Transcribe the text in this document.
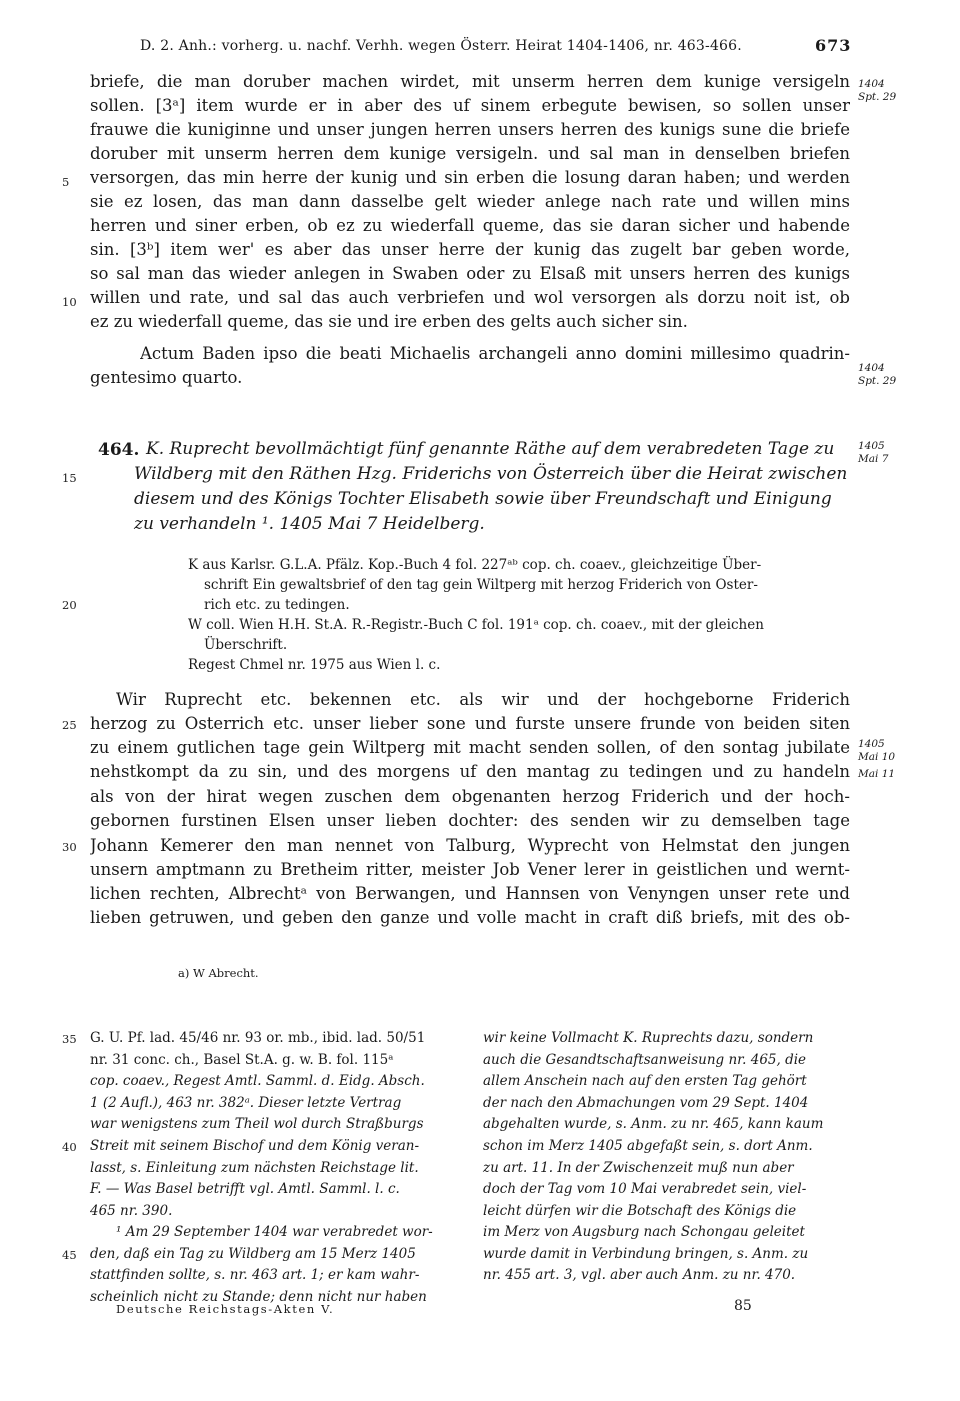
D. 2. Anh.: vorherg. u. nachf. Verhh. wegen Österr. Heirat 1404-1406, nr. 463-466.	673
1404
Spt. 29
briefe, die man doruber machen wirdet, mit unserm herren dem kunige versigeln
sollen. [3ᵃ] item wurde er in aber des uf sinem erbegute bewisen, so sollen unser
frauwe die kuniginne und unser jungen herren unsers herren des kunigs sune die briefe
doruber mit unserm herren dem kunige versigeln. und sal man in denselben briefen
versorgen, das min herre der kunig und sin erben die losung daran haben; und werden
sie ez losen, das man dann dasselbe gelt wieder anlege nach rate und willen mins
herren und siner erben, ob ez zu wiederfall queme, das sie daran sicher und habende
sin. [3ᵇ] item wer' es aber das unser herre der kunig das zugelt bar geben worde,
so sal man das wieder anlegen in Swaben oder zu Elsaß mit unsers herren des kunigs
willen und rate, und sal das auch verbriefen und wol versorgen als dorzu noit ist, ob
ez zu wiederfall queme, das sie und ire erben des gelts auch sicher sin.
5
10
Actum Baden ipso die beati Michaelis archangeli anno domini millesimo quadrin-
gentesimo quarto.	1404
Spt. 29
464. K. Ruprecht bevollmächtigt fünf genannte Räthe auf dem verabredeten Tage zu
Wildberg mit den Räthen Hzg. Friderichs von Österreich über die Heirat zwischen
diesem und des Königs Tochter Elisabeth sowie über Freundschaft und Einigung
zu verhandeln ¹. 1405 Mai 7 Heidelberg.
1405
Mai 7
15
K aus Karlsr. G.L.A. Pfälz. Kop.-Buch 4 fol. 227ᵃᵇ cop. ch. coaev., gleichzeitige Über-
schrift Ein gewaltsbrief of den tag gein Wiltperg mit herzog Friderich von Oster-
rich etc. zu tedingen.
W coll. Wien H.H. St.A. R.-Registr.-Buch C fol. 191ᵃ cop. ch. coaev., mit der gleichen
Überschrift.
Regest Chmel nr. 1975 aus Wien l. c.
20
Wir Ruprecht etc. bekennen etc. als wir und der hochgeborne Friderich
herzog zu Osterrich etc. unser lieber sone und furste unsere frunde von beiden siten
zu einem gutlichen tage gein Wiltperg mit macht senden sollen, of den sontag jubilate
nehstkompt da zu sin, und des morgens uf den mantag zu tedingen und zu handeln
als von der hirat wegen zuschen dem obgenanten herzog Friderich und der hoch-
gebornen furstinen Elsen unser lieben dochter: des senden wir zu demselben tage
Johann Kemerer den man nennet von Talburg, Wyprecht von Helmstat den jungen
unsern amptmann zu Bretheim ritter, meister Job Vener lerer in geistlichen und wernt-
lichen rechten, Albrechtᵃ von Berwangen, und Hannsen von Venyngen unser rete und
lieben getruwen, und geben den ganze und volle macht in craft diß briefs, mit des ob-
25
30
1405
Mai 10
Mai 11
a) W Abrecht.
G. U. Pf. lad. 45/46 nr. 93 or. mb., ibid. lad. 50/51
nr. 31 conc. ch., Basel St.A. g. w. B. fol. 115ᵃ
cop. coaev., Regest Amtl. Samml. d. Eidg. Absch.
1 (2 Aufl.), 463 nr. 382ᵃ. Dieser letzte Vertrag
war wenigstens zum Theil wol durch Straßburgs
Streit mit seinem Bischof und dem König veran-
lasst, s. Einleitung zum nächsten Reichstage lit.
F. — Was Basel betrifft vgl. Amtl. Samml. l. c.
465 nr. 390.
¹ Am 29 September 1404 war verabredet wor-
den, daß ein Tag zu Wildberg am 15 Merz 1405
stattfinden sollte, s. nr. 463 art. 1; er kam wahr-
scheinlich nicht zu Stande; denn nicht nur haben
wir keine Vollmacht K. Ruprechts dazu, sondern
auch die Gesandtschaftsanweisung nr. 465, die
allem Anschein nach auf den ersten Tag gehört
der nach den Abmachungen vom 29 Sept. 1404
abgehalten wurde, s. Anm. zu nr. 465, kann kaum
schon im Merz 1405 abgefaßt sein, s. dort Anm.
zu art. 11. In der Zwischenzeit muß nun aber
doch der Tag vom 10 Mai verabredet sein, viel-
leicht dürfen wir die Botschaft des Königs die
im Merz von Augsburg nach Schongau geleitet
wurde damit in Verbindung bringen, s. Anm. zu
nr. 455 art. 3, vgl. aber auch Anm. zu nr. 470.
35
40
45
Deutsche Reichstags-Akten V.	85
